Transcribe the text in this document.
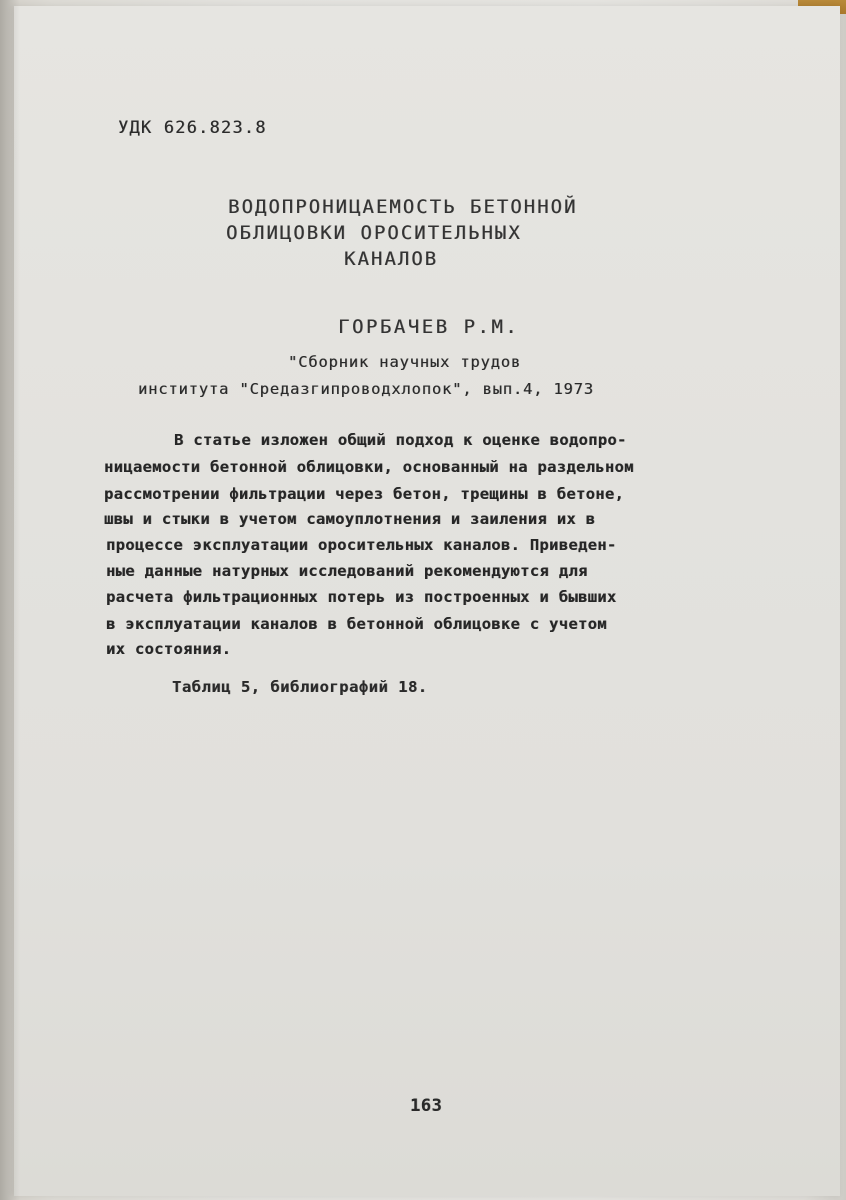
УДК 626.823.8
ВОДОПРОНИЦАЕМОСТЬ БЕТОННОЙ
ОБЛИЦОВКИ ОРОСИТЕЛЬНЫХ
КАНАЛОВ
ГОРБАЧЕВ Р.М.
"Сборник научных трудов
института "Средазгипроводхлопок", вып.4, 1973
В статье изложен общий подход к оценке водопро-
ницаемости бетонной облицовки, основанный на раздельном
рассмотрении фильтрации через бетон, трещины в бетоне,
швы и стыки в учетом самоуплотнения и заиления их в
процессе эксплуатации оросительных каналов. Приведен-
ные данные натурных исследований рекомендуются для
расчета фильтрационных потерь из построенных и бывших
в эксплуатации каналов в бетонной облицовке с учетом
их состояния.
Таблиц 5, библиографий 18.
163
